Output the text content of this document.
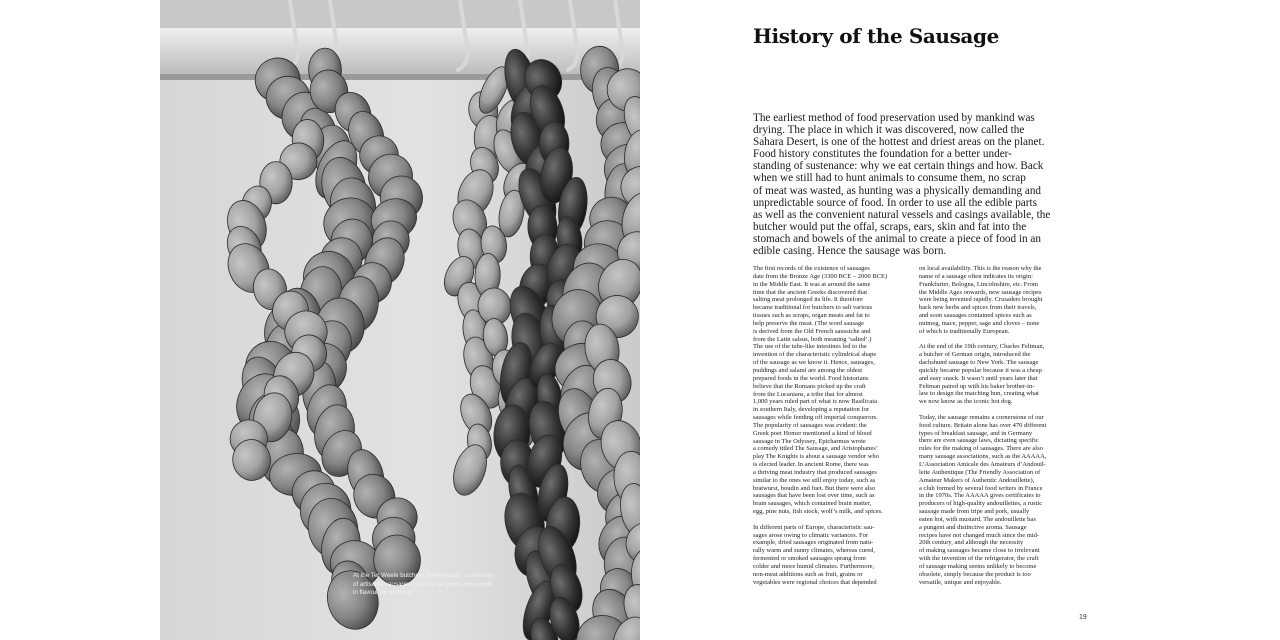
At the Ter Weele butchery, Netherlands, a collection
of artisanal sausages, soon to be given extra depth
in flavour by smoking.

History of the Sausage

The earliest method of food preservation used by mankind was
drying. The place in which it was discovered, now called the
Sahara Desert, is one of the hottest and driest areas on the planet.
Food history constitutes the foundation for a better under-
standing of sustenance: why we eat certain things and how. Back
when we still had to hunt animals to consume them, no scrap
of meat was wasted, as hunting was a physically demanding and
unpredictable source of food. In order to use all the edible parts
as well as the convenient natural vessels and casings available, the
butcher would put the offal, scraps, ears, skin and fat into the
stomach and bowels of the animal to create a piece of food in an
edible casing. Hence the sausage was born.

The first records of the existence of sausages
date from the Bronze Age (3300 BCE – 2000 BCE)
in the Middle East. It was at around the same
time that the ancient Greeks discovered that
salting meat prolonged its life. It therefore
became traditional for butchers to salt various
tissues such as scraps, organ meats and fat to
help preserve the meat. (The word sausage
is derived from the Old French saussiche and
from the Latin salsus, both meaning ‘salted’.)
The use of the tube-like intestines led to the
invention of the characteristic cylindrical shape
of the sausage as we know it. Hence, sausages,
puddings and salami are among the oldest
prepared foods in the world. Food historians
believe that the Romans picked up the craft
from the Lucanians, a tribe that for almost
1,000 years ruled part of what is now Basilicata
in southern Italy, developing a reputation for
sausages while fending off imperial conquerors.
The popularity of sausages was evident: the
Greek poet Homer mentioned a kind of blood
sausage in The Odyssey, Epicharmus wrote
a comedy titled The Sausage, and Aristophanes’
play The Knights is about a sausage vendor who
is elected leader. In ancient Rome, there was
a thriving meat industry that produced sausages
similar to the ones we still enjoy today, such as
bratwurst, boudin and fuet. But there were also
sausages that have been lost over time, such as
brain sausages, which contained brain matter,
egg, pine nuts, fish stock, wolf’s milk, and spices.

In different parts of Europe, characteristic sau-
sages arose owing to climatic variances. For
example, dried sausages originated from natu-
rally warm and sunny climates, whereas cured,
fermented or smoked sausages sprang from
colder and more humid climates. Furthermore,
non-meat additions such as fruit, grains or
vegetables were regional choices that depended

on local availability. This is the reason why the
name of a sausage often indicates its origin:
Frankfurter, Bologna, Lincolnshire, etc. From
the Middle Ages onwards, new sausage recipes
were being invented rapidly. Crusaders brought
back new herbs and spices from their travels,
and soon sausages contained spices such as
nutmeg, mace, pepper, sage and cloves – none
of which is traditionally European.

At the end of the 19th century, Charles Feltman,
a butcher of German origin, introduced the
dachshund sausage to New York. The sausage
quickly became popular because it was a cheap
and easy snack. It wasn’t until years later that
Feltman paired up with his baker brother-in-
law to design the matching bun, creating what
we now know as the iconic hot dog.

Today, the sausage remains a cornerstone of our
food culture. Britain alone has over 470 different
types of breakfast sausage, and in Germany
there are even sausage laws, dictating specific
rules for the making of sausages. There are also
many sausage associations, such as the AAAAA,
L’Association Amicale des Amateurs d’Andouil-
lette Authentique (The Friendly Association of
Amateur Makers of Authentic Andouillette),
a club formed by several food writers in France
in the 1970s. The AAAAA gives certificates to
producers of high-quality andouillettes, a rustic
sausage made from tripe and pork, usually
eaten hot, with mustard. The andouillette has
a pungent and distinctive aroma. Sausage
recipes have not changed much since the mid-
20th century, and although the necessity
of making sausages became close to irrelevant
with the invention of the refrigerator, the craft
of sausage making seems unlikely to become
obsolete, simply because the product is too
versatile, unique and enjoyable.

19
